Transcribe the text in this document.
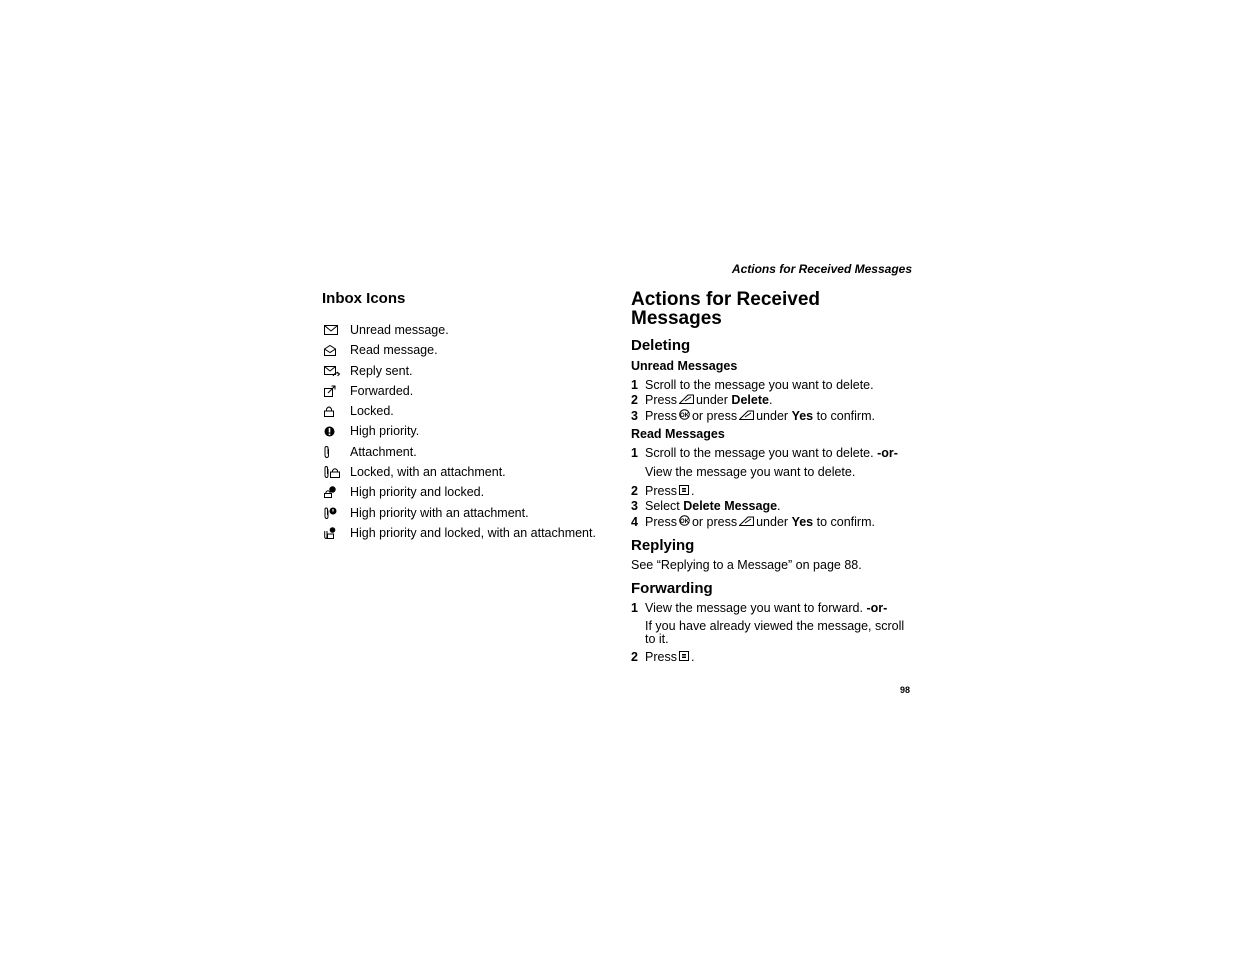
Actions for Received Messages
Inbox Icons
Unread message.
Read message.
Reply sent.
Forwarded.
Locked.
High priority.
Attachment.
Locked, with an attachment.
High priority and locked.
High priority with an attachment.
High priority and locked, with an attachment.
Actions for Received Messages
Deleting
Unread Messages
1 Scroll to the message you want to delete.
2 Press under
Delete .
3 Press OK or press under
Yes
to confirm.
Read Messages
1 Scroll to the message you want to delete.
-or-
View the message you want to delete.
2 Press .
3 Select
Delete Message .
4 Press OK or press under
Yes
to confirm.
Replying
See “Replying to a Message” on page 88.
Forwarding
1 View the message you want to forward.
-or-
If you have already viewed the message, scroll to it.
2 Press .
98
